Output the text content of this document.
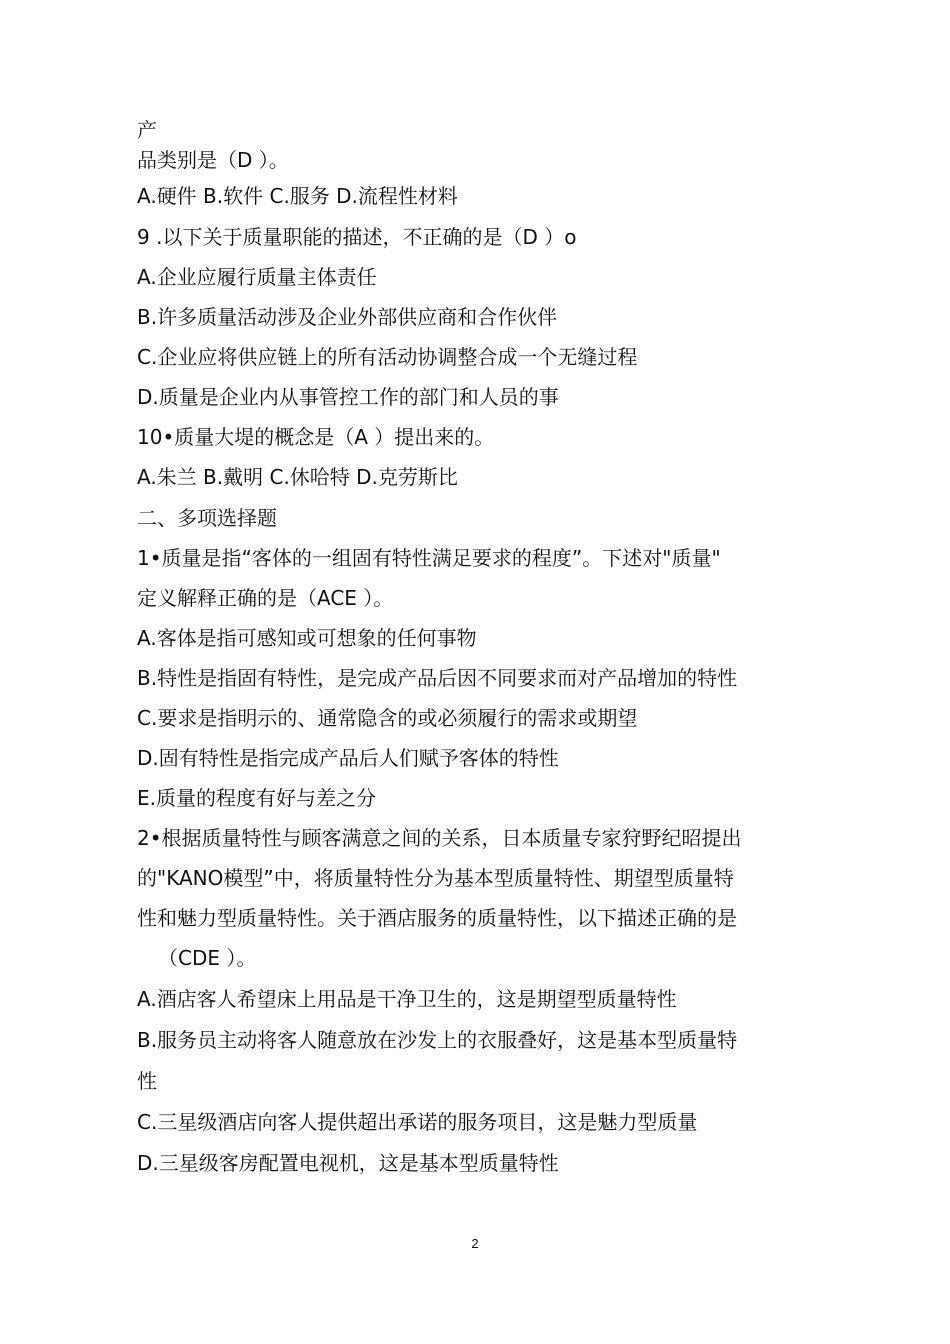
产
品类别是（D ）。
A.硬件 B.软件 C.服务 D.流程性材料
9 .以下关于质量职能的描述，不正确的是（D ）o
A.企业应履行质量主体责任
B.许多质量活动涉及企业外部供应商和合作伙伴
C.企业应将供应链上的所有活动协调整合成一个无缝过程
D.质量是企业内从事管控工作的部门和人员的事
10•质量大堤的概念是（A ）提出来的。
A.朱兰 B.戴明 C.休哈特 D.克劳斯比
二、多项选择题
1•质量是指“客体的一组固有特性满足要求的程度”。下述对"质量"
定义解释正确的是（ACE ）。
A.客体是指可感知或可想象的任何事物
B.特性是指固有特性，是完成产品后因不同要求而对产品增加的特性
C.要求是指明示的、通常隐含的或必须履行的需求或期望
D.固有特性是指完成产品后人们赋予客体的特性
E.质量的程度有好与差之分
2•根据质量特性与顾客满意之间的关系，日本质量专家狩野纪昭提出
的"KANO模型”中，将质量特性分为基本型质量特性、期望型质量特
性和魅力型质量特性。关于酒店服务的质量特性，以下描述正确的是
（CDE ）。
A.酒店客人希望床上用品是干净卫生的，这是期望型质量特性
B.服务员主动将客人随意放在沙发上的衣服叠好，这是基本型质量特
性
C.三星级酒店向客人提供超出承诺的服务项目，这是魅力型质量
D.三星级客房配置电视机，这是基本型质量特性
2
